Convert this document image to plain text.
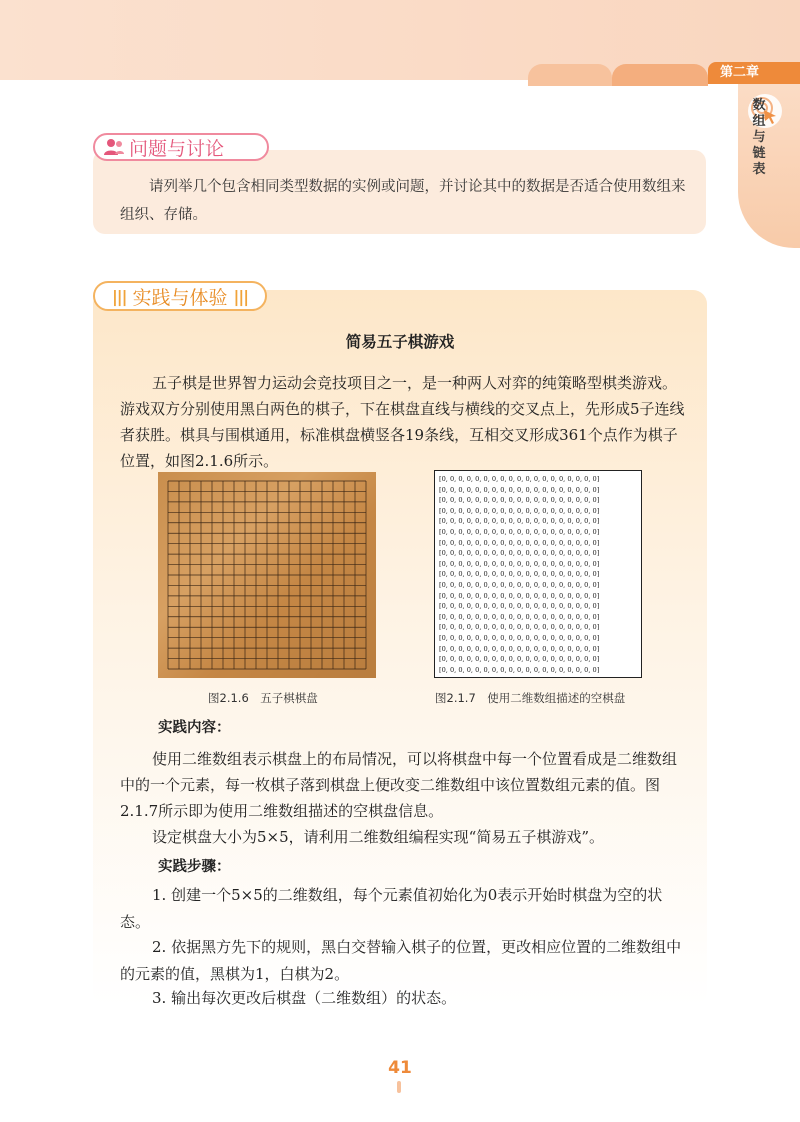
第二章
数
组
与
链
表
问题与讨论

请列举几个包含相同类型数据的实例或问题，并讨论其中的数据是否适合使用数组来组织、存储。

||| 实践与体验 |||
简易五子棋游戏

五子棋是世界智力运动会竞技项目之一，是一种两人对弈的纯策略型棋类游戏。游戏双方分别使用黑白两色的棋子，下在棋盘直线与横线的交叉点上，先形成5子连线者获胜。棋具与围棋通用，标准棋盘横竖各19条线，互相交叉形成361个点作为棋子位置，如图2.1.6所示。

[0, 0, 0, 0, 0, 0, 0, 0, 0, 0, 0, 0, 0, 0, 0, 0, 0, 0, 0]
[0, 0, 0, 0, 0, 0, 0, 0, 0, 0, 0, 0, 0, 0, 0, 0, 0, 0, 0]
[0, 0, 0, 0, 0, 0, 0, 0, 0, 0, 0, 0, 0, 0, 0, 0, 0, 0, 0]
[0, 0, 0, 0, 0, 0, 0, 0, 0, 0, 0, 0, 0, 0, 0, 0, 0, 0, 0]
[0, 0, 0, 0, 0, 0, 0, 0, 0, 0, 0, 0, 0, 0, 0, 0, 0, 0, 0]
[0, 0, 0, 0, 0, 0, 0, 0, 0, 0, 0, 0, 0, 0, 0, 0, 0, 0, 0]
[0, 0, 0, 0, 0, 0, 0, 0, 0, 0, 0, 0, 0, 0, 0, 0, 0, 0, 0]
[0, 0, 0, 0, 0, 0, 0, 0, 0, 0, 0, 0, 0, 0, 0, 0, 0, 0, 0]
[0, 0, 0, 0, 0, 0, 0, 0, 0, 0, 0, 0, 0, 0, 0, 0, 0, 0, 0]
[0, 0, 0, 0, 0, 0, 0, 0, 0, 0, 0, 0, 0, 0, 0, 0, 0, 0, 0]
[0, 0, 0, 0, 0, 0, 0, 0, 0, 0, 0, 0, 0, 0, 0, 0, 0, 0, 0]
[0, 0, 0, 0, 0, 0, 0, 0, 0, 0, 0, 0, 0, 0, 0, 0, 0, 0, 0]
[0, 0, 0, 0, 0, 0, 0, 0, 0, 0, 0, 0, 0, 0, 0, 0, 0, 0, 0]
[0, 0, 0, 0, 0, 0, 0, 0, 0, 0, 0, 0, 0, 0, 0, 0, 0, 0, 0]
[0, 0, 0, 0, 0, 0, 0, 0, 0, 0, 0, 0, 0, 0, 0, 0, 0, 0, 0]
[0, 0, 0, 0, 0, 0, 0, 0, 0, 0, 0, 0, 0, 0, 0, 0, 0, 0, 0]
[0, 0, 0, 0, 0, 0, 0, 0, 0, 0, 0, 0, 0, 0, 0, 0, 0, 0, 0]
[0, 0, 0, 0, 0, 0, 0, 0, 0, 0, 0, 0, 0, 0, 0, 0, 0, 0, 0]
[0, 0, 0, 0, 0, 0, 0, 0, 0, 0, 0, 0, 0, 0, 0, 0, 0, 0, 0]
图2.1.6　五子棋棋盘	图2.1.7　使用二维数组描述的空棋盘
实践内容：

使用二维数组表示棋盘上的布局情况，可以将棋盘中每一个位置看成是二维数组中的一个元素，每一枚棋子落到棋盘上便改变二维数组中该位置数组元素的值。图2.1.7所示即为使用二维数组描述的空棋盘信息。

设定棋盘大小为5×5，请利用二维数组编程实现“简易五子棋游戏”。

实践步骤：

1. 创建一个5×5的二维数组，每个元素值初始化为0表示开始时棋盘为空的状态。

2. 依据黑方先下的规则，黑白交替输入棋子的位置，更改相应位置的二维数组中的元素的值，黑棋为1，白棋为2。

3. 输出每次更改后棋盘（二维数组）的状态。

41
